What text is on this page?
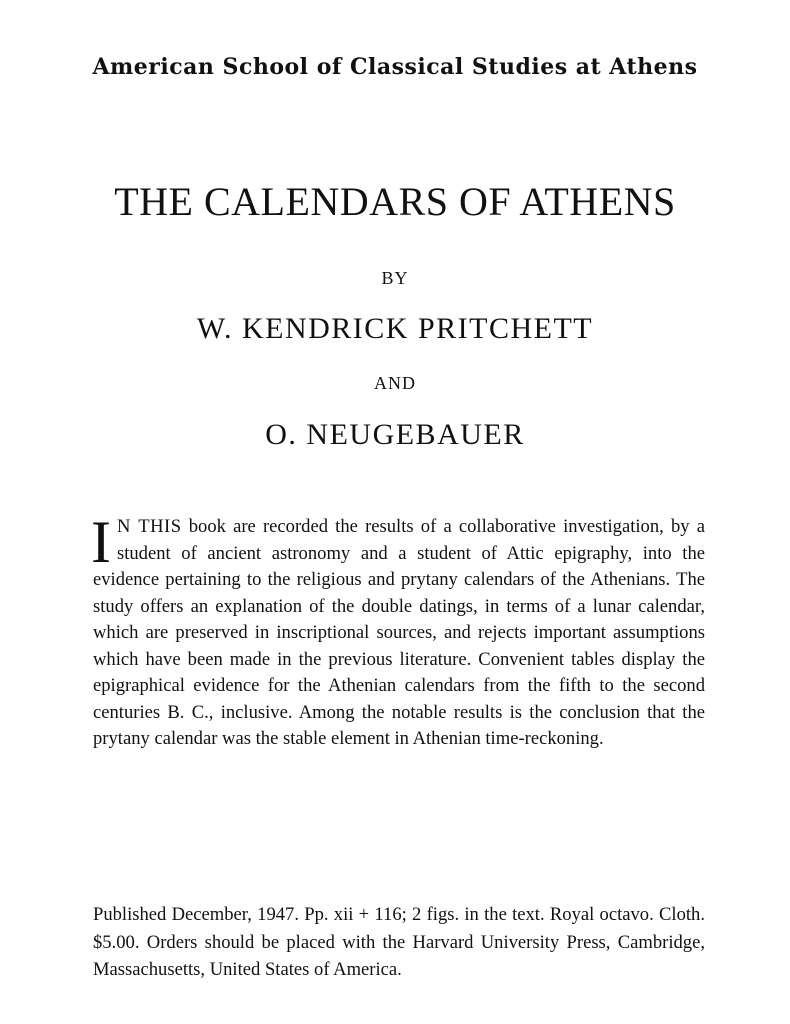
American School of Classical Studies at Athens
THE CALENDARS OF ATHENS
BY
W. KENDRICK PRITCHETT
AND
O. NEUGEBAUER
I N THIS book are recorded the results of a collaborative investigation, by a student of ancient astronomy and a student of Attic epigraphy, into the evidence pertaining to the religious and prytany calendars of the Athenians. The study offers an explanation of the double datings, in terms of a lunar calendar, which are preserved in inscriptional sources, and rejects important assumptions which have been made in the previous literature. Convenient tables display the epigraphical evidence for the Athenian calendars from the fifth to the second centuries B. C., inclusive. Among the notable results is the conclusion that the prytany calendar was the stable element in Athenian time-reckoning.
Published December, 1947. Pp. xii + 116; 2 figs. in the text. Royal octavo. Cloth. $5.00. Orders should be placed with the Harvard University Press, Cambridge, Massachusetts, United States of America.
